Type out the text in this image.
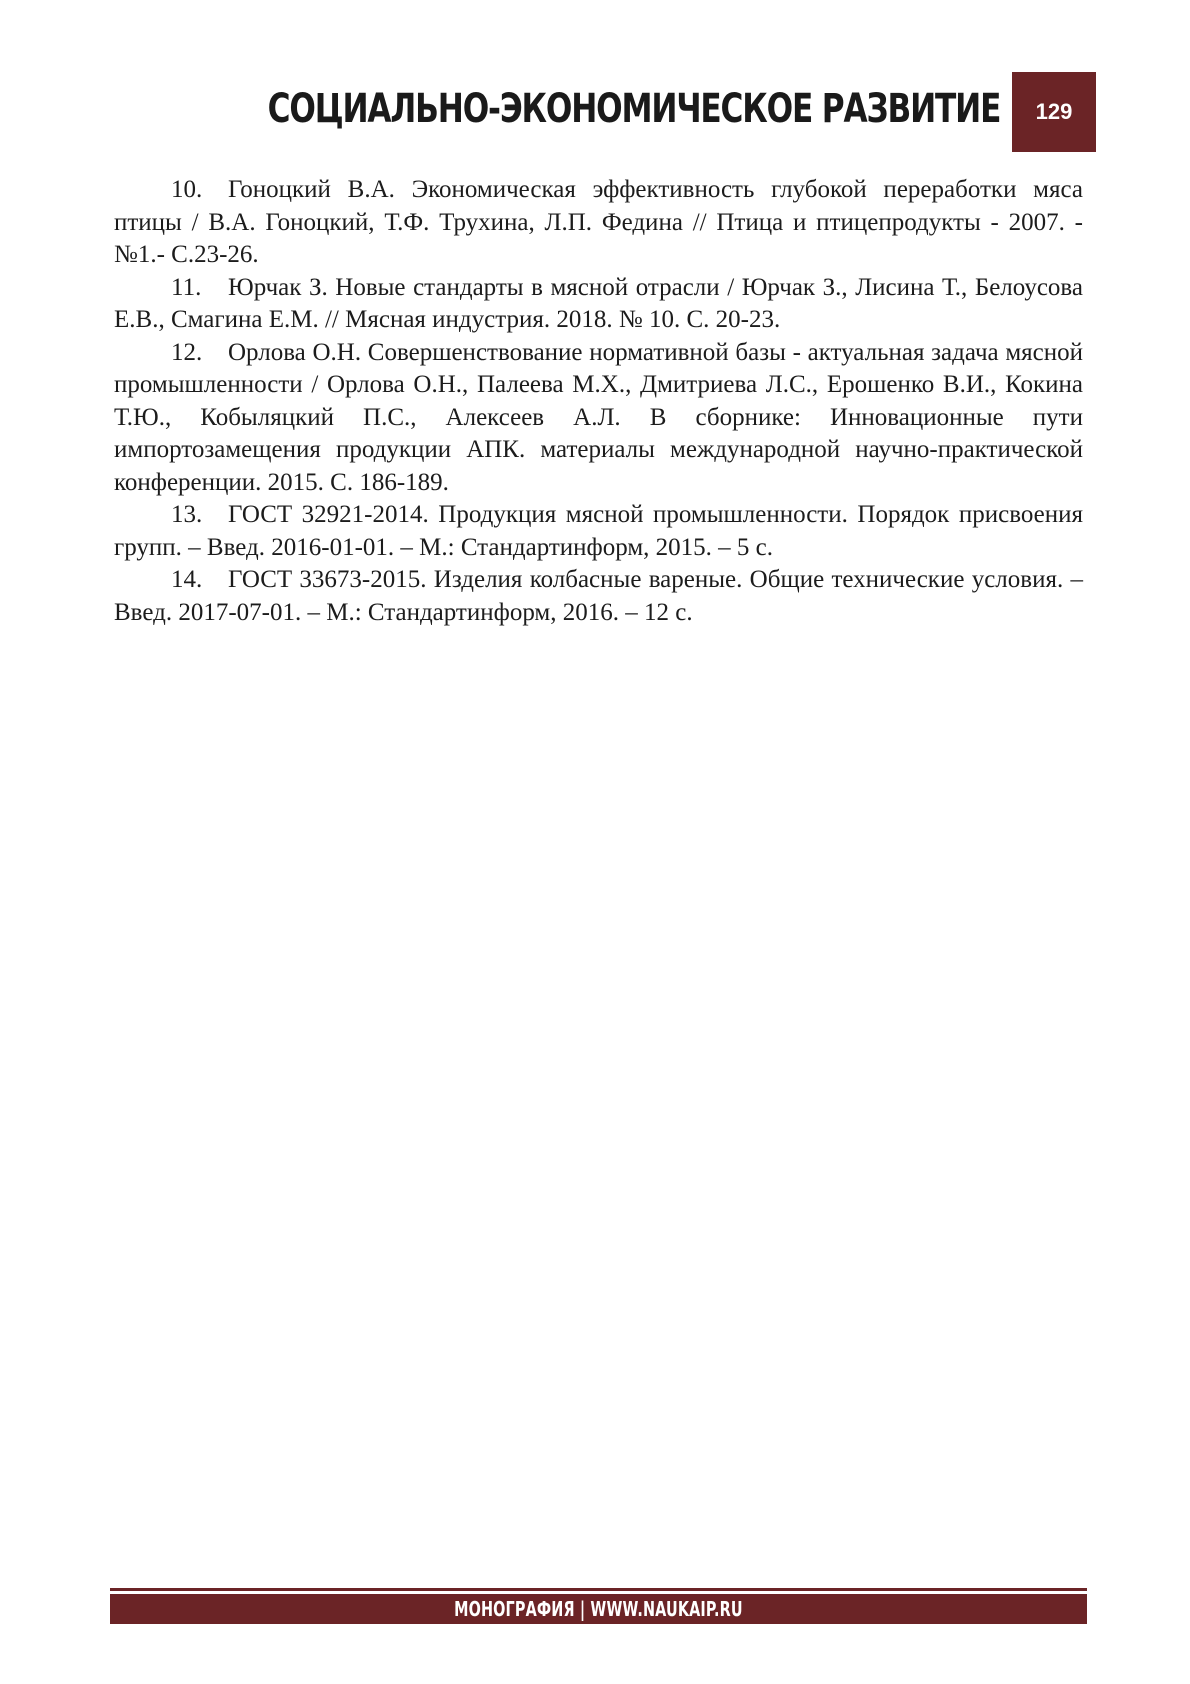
СОЦИАЛЬНО-ЭКОНОМИЧЕСКОЕ РАЗВИТИЕ 129

10. Гоноцкий В.А. Экономическая эффективность глубокой переработки мяса птицы / В.А. Гоноцкий, Т.Ф. Трухина, Л.П. Федина // Птица и птицепродукты - 2007. - №1.- С.23-26.

11. Юрчак З. Новые стандарты в мясной отрасли / Юрчак З., Лисина Т., Белоусова Е.В., Смагина Е.М. // Мясная индустрия. 2018. № 10. С. 20-23.

12. Орлова О.Н. Совершенствование нормативной базы - актуальная задача мясной промышленности / Орлова О.Н., Палеева М.Х., Дмитриева Л.С., Ерошенко В.И., Кокина Т.Ю., Кобыляцкий П.С., Алексеев А.Л. В сборнике: Инновационные пути импортозамещения продукции АПК. материалы международной научно-практической конференции. 2015. С. 186-189.

13. ГОСТ 32921-2014. Продукция мясной промышленности. Порядок присвоения групп. – Введ. 2016-01-01. – М.: Стандартинформ, 2015. – 5 с.

14. ГОСТ 33673-2015. Изделия колбасные вареные. Общие технические условия. – Введ. 2017-07-01. – М.: Стандартинформ, 2016. – 12 с.

МОНОГРАФИЯ | WWW.NAUKAIP.RU
